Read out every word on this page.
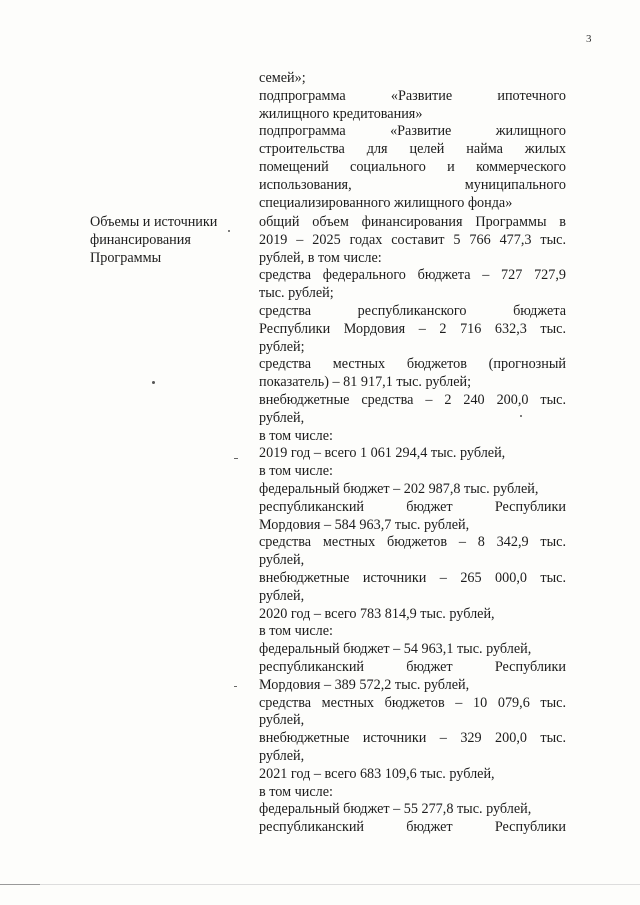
3
семей»;
подпрограмма «Развитие ипотечного
жилищного кредитования»
подпрограмма «Развитие жилищного
строительства для целей найма жилых
помещений социального и коммерческого
использования, муниципального
специализированного жилищного фонда»
Объемы и источники
финансирования
Программы
общий объем финансирования Программы в
2019 – 2025 годах составит 5 766 477,3 тыс.
рублей, в том числе:
средства федерального бюджета – 727 727,9
тыс. рублей;
средства республиканского бюджета
Республики Мордовия – 2 716 632,3 тыс.
рублей;
средства местных бюджетов (прогнозный
показатель) – 81 917,1 тыс. рублей;
внебюджетные средства – 2 240 200,0 тыс.
рублей,
в том числе:
2019 год – всего 1 061 294,4 тыс. рублей,
в том числе:
федеральный бюджет – 202 987,8 тыс. рублей,
республиканский бюджет Республики
Мордовия – 584 963,7 тыс. рублей,
средства местных бюджетов – 8 342,9 тыс.
рублей,
внебюджетные источники – 265 000,0 тыс.
рублей,
2020 год – всего 783 814,9 тыс. рублей,
в том числе:
федеральный бюджет – 54 963,1 тыс. рублей,
республиканский бюджет Республики
Мордовия – 389 572,2 тыс. рублей,
средства местных бюджетов – 10 079,6 тыс.
рублей,
внебюджетные источники – 329 200,0 тыс.
рублей,
2021 год – всего 683 109,6 тыс. рублей,
в том числе:
федеральный бюджет – 55 277,8 тыс. рублей,
республиканский бюджет Республики
